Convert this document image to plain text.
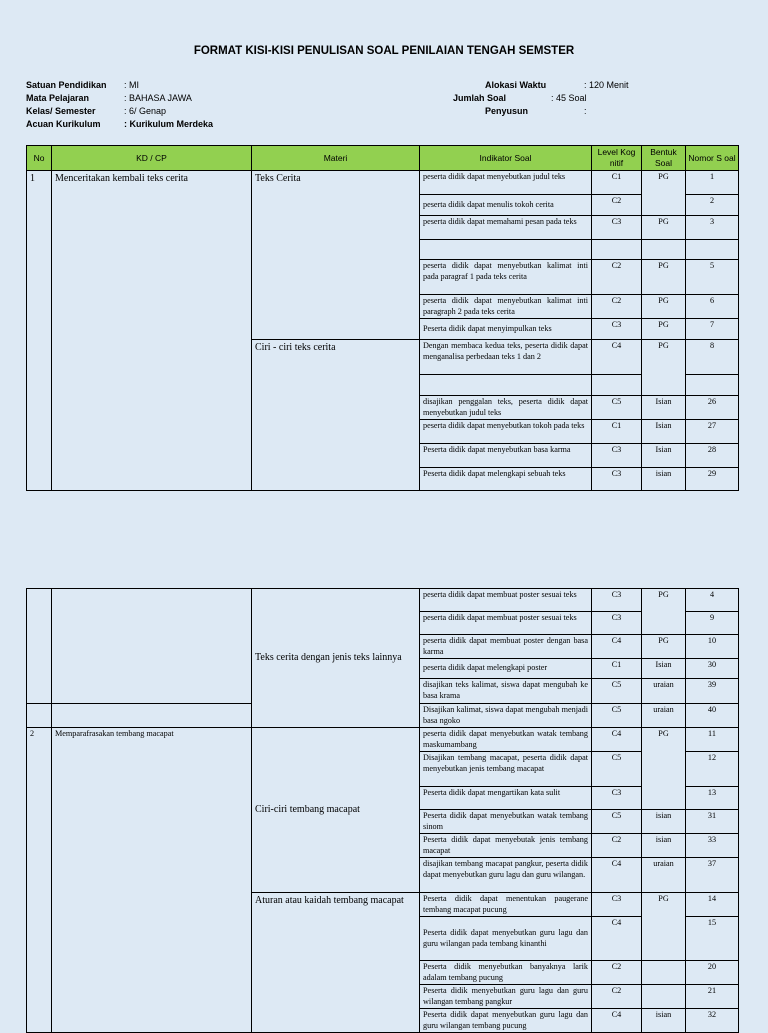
FORMAT KISI-KISI PENULISAN SOAL PENILAIAN TENGAH SEMSTER
Satuan Pendidikan : MI
Mata Pelajaran	: BAHASA JAWA
Kelas/ Semester	: 6/ Genap
Acuan Kurikulum	: Kurikulum Merdeka
Alokasi Waktu	: 120 Menit
Jumlah Soal	: 45 Soal
Penyusun	:
No	KD / CP	Materi	Indikator Soal	Level Kog nitif	Bentuk Soal	Nomor S oal
1	Menceritakan kembali teks cerita	Teks Cerita	peserta didik dapat menyebutkan judul teks	C1	PG	1
			peserta didik dapat menulis tokoh cerita	C2		2
			peserta didik dapat memahami pesan pada teks	C3	PG	3

			peserta didik dapat menyebutkan kalimat inti pada paragraf 1 pada teks cerita	C2	PG	5
			peserta didik dapat menyebutkan kalimat inti paragraph 2 pada teks cerita	C2	PG	6
			Peserta didik dapat menyimpulkan teks	C3	PG	7
		Ciri - ciri teks cerita	Dengan membaca kedua teks, peserta didik dapat menganalisa perbedaan teks 1 dan 2	C4	PG	8

			disajikan penggalan teks, peserta didik dapat menyebutkan judul teks	C5	Isian	26
			peserta didik dapat menyebutkan tokoh pada teks	C1	Isian	27
			Peserta didik dapat menyebutkan basa karma	C3	Isian	28
			Peserta didik dapat melengkapi sebuah teks	C3	isian	29
		Teks cerita dengan jenis teks lainnya	peserta didik dapat membuat poster sesuai teks	C3	PG	4
			peserta didik dapat membuat poster sesuai teks	C3		9
			peserta didik dapat membuat poster dengan basa karma	C4	PG	10
			peserta didik dapat melengkapi poster	C1	Isian	30
			disajikan teks kalimat, siswa dapat mengubah ke basa krama	C5	uraian	39
			Disajikan kalimat, siswa dapat mengubah menjadi basa ngoko	C5	uraian	40
2	Memparafrasakan tembang macapat	Ciri-ciri tembang macapat	peserta didik dapat menyebutkan watak tembang maskumambang	C4	PG	11
			Disajikan tembang macapat, peserta didik dapat menyebutkan jenis tembang macapat	C5		12
			Peserta didik dapat mengartikan kata sulit	C3		13
			Peserta didik dapat menyebutkan watak tembang sinom	C5	isian	31
			Peserta didik dapat menyebutak jenis tembang macapat	C2	isian	33
			disajikan tembang macapat pangkur, peserta didik dapat menyebutkan guru lagu dan guru wilangan.	C4	uraian	37
		Aturan atau kaidah tembang macapat	Peserta didik dapat menentukan paugerane tembang macapat pucung	C3	PG	14
			Peserta didik dapat menyebutkan guru lagu dan guru wilangan pada tembang kinanthi	C4		15
			Peserta didik menyebutkan banyaknya larik adalam tembang pucung	C2		20
			Peserta didik menyebutkan guru lagu dan guru wilangan tembang pangkur	C2		21
			Peserta didik dapat menyebutkan guru lagu dan guru wilangan tembang pucung	C4	isian	32
